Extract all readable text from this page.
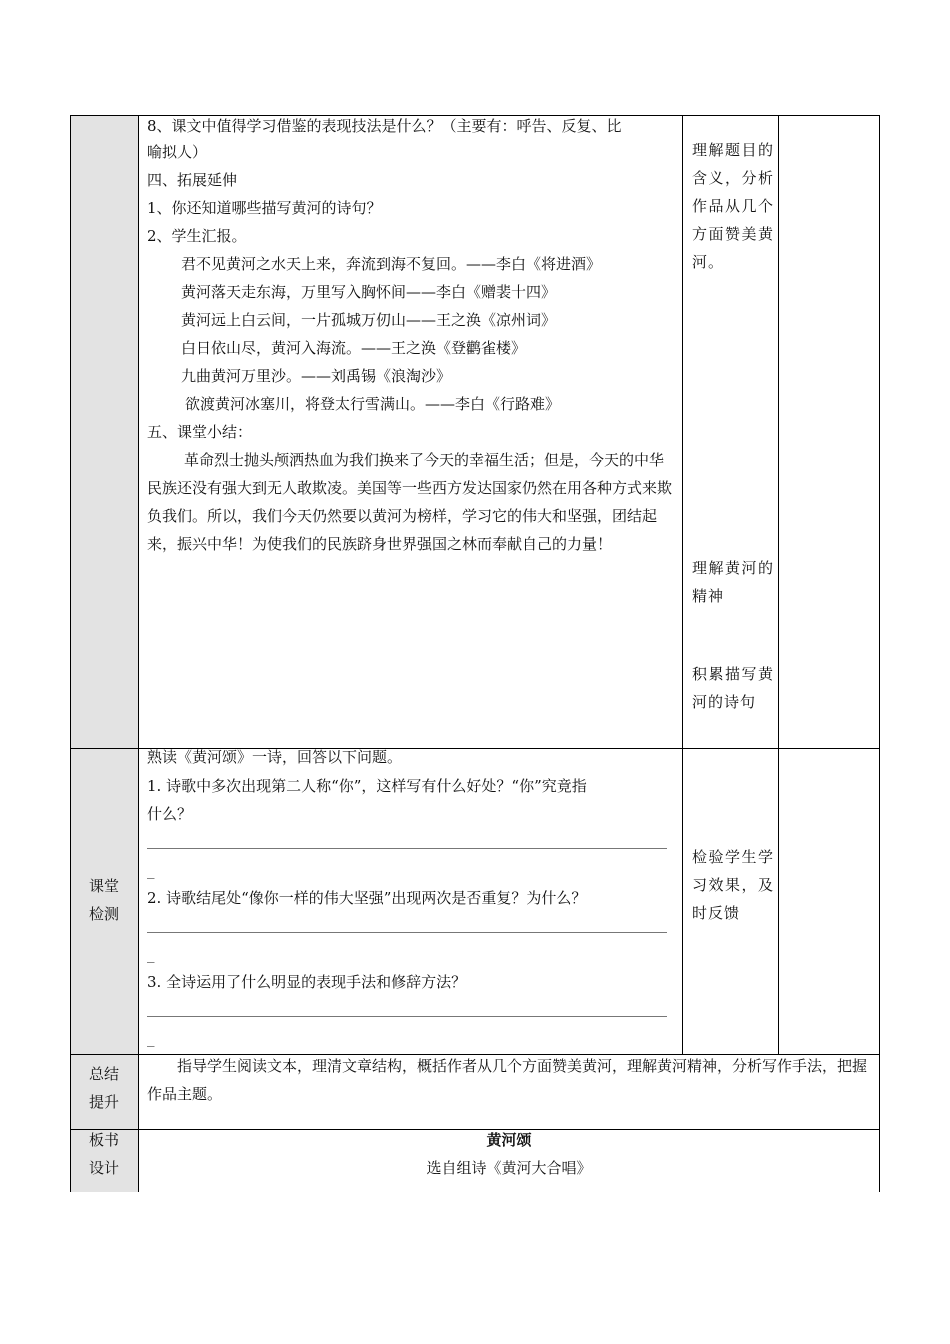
8、课文中值得学习借鉴的表现技法是什么？（主要有：呼告、反复、比

喻拟人）

四、拓展延伸

1、你还知道哪些描写黄河的诗句？

2、学生汇报。

君不见黄河之水天上来，奔流到海不复回。——李白《将进酒》

黄河落天走东海，万里写入胸怀间——李白《赠裴十四》

黄河远上白云间，一片孤城万仞山——王之涣《凉州词》

白日依山尽，黄河入海流。——王之涣《登鹳雀楼》

九曲黄河万里沙。——刘禹锡《浪淘沙》

欲渡黄河冰塞川，将登太行雪满山。——李白《行路难》

五、课堂小结：

革命烈士抛头颅洒热血为我们换来了今天的幸福生活；但是，今天的中华民族还没有强大到无人敢欺凌。美国等一些西方发达国家仍然在用各种方式来欺负我们。所以，我们今天仍然要以黄河为榜样，学习它的伟大和坚强，团结起来，振兴中华！为使我们的民族跻身世界强国之林而奉献自己的力量！

理解题目的含义，分析作品从几个方面赞美黄河。

理解黄河的精神

积累描写黄河的诗句

课堂检测

熟读《黄河颂》一诗，回答以下问题。

1. 诗歌中多次出现第二人称“你”，这样写有什么好处？“你”究竟指

什么？

_

2. 诗歌结尾处“像你一样的伟大坚强”出现两次是否重复？为什么？

_

3. 全诗运用了什么明显的表现手法和修辞方法？

_

检验学生学习效果，及时反馈

总结提升

指导学生阅读文本，理清文章结构，概括作者从几个方面赞美黄河，理解黄河精神，分析写作手法，把握作品主题。

板书设计

黄河颂

选自组诗《黄河大合唱》
